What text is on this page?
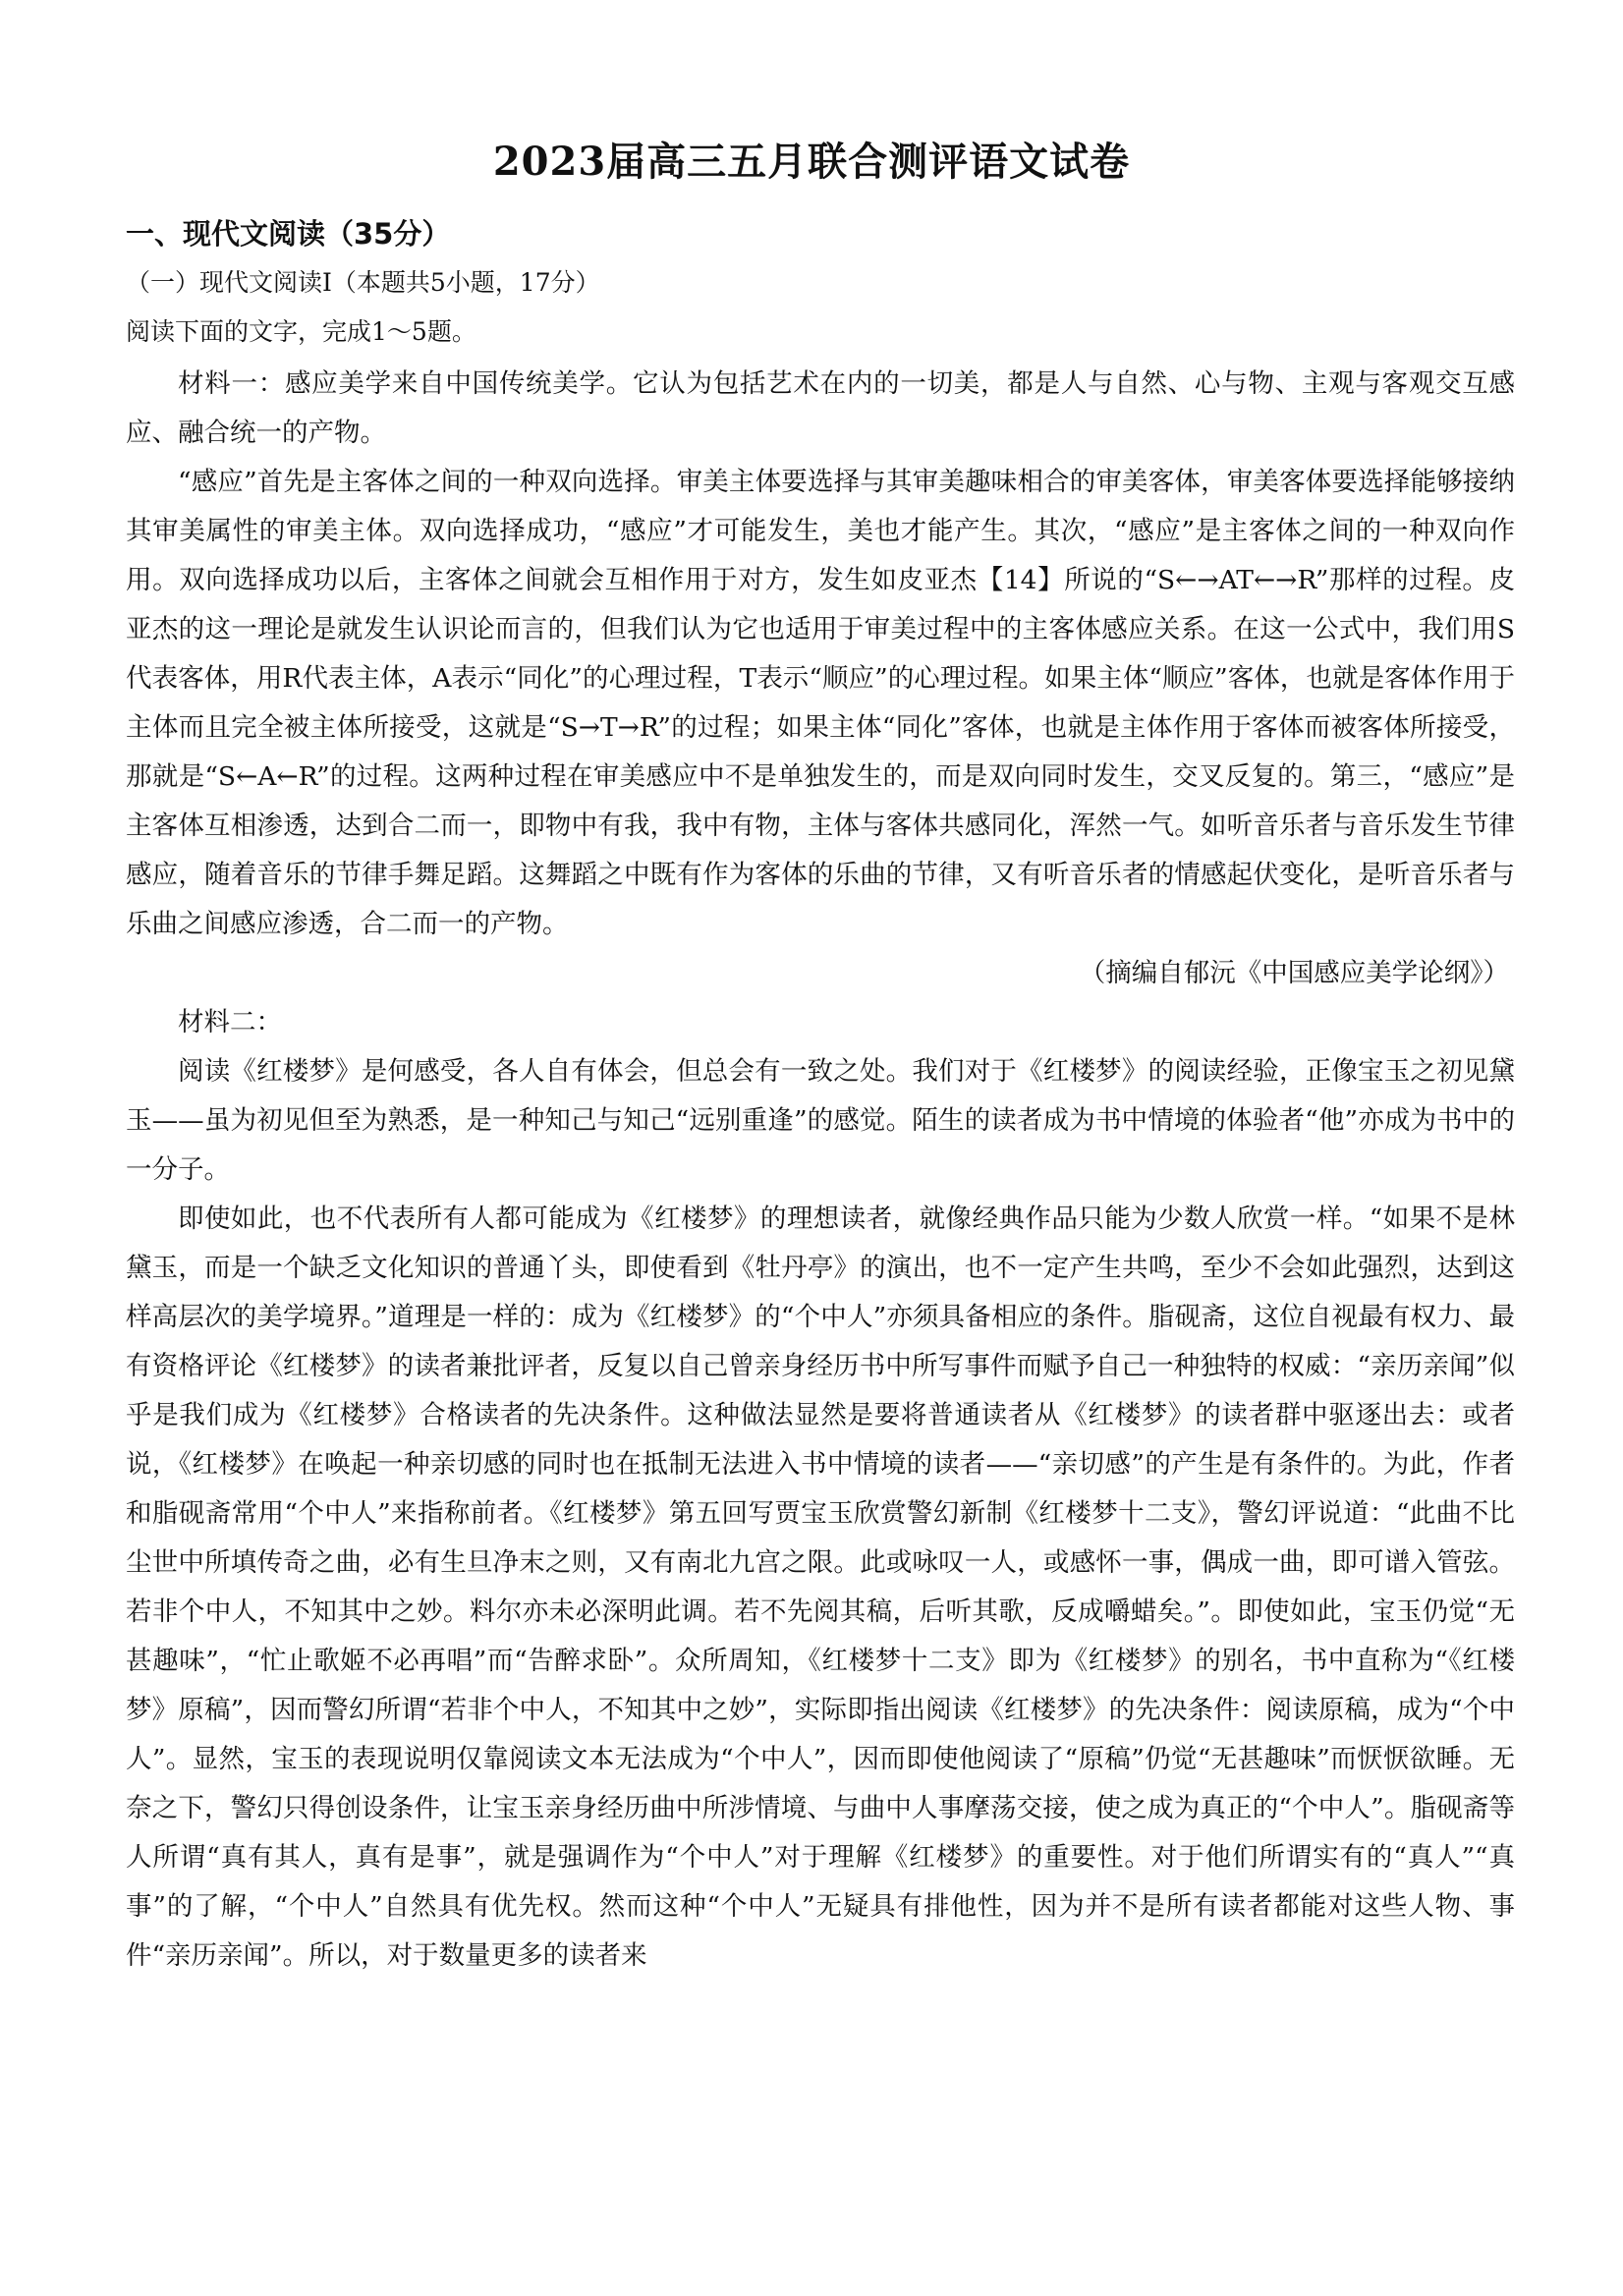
2023届高三五月联合测评语文试卷
一、现代文阅读（35分）
（一）现代文阅读Ⅰ（本题共5小题，17分）
阅读下面的文字，完成1～5题。

材料一：感应美学来自中国传统美学。它认为包括艺术在内的一切美，都是人与自然、心与物、主观与客观交互感应、融合统一的产物。

“感应”首先是主客体之间的一种双向选择。审美主体要选择与其审美趣味相合的审美客体，审美客体要选择能够接纳其审美属性的审美主体。双向选择成功，“感应”才可能发生，美也才能产生。其次，“感应”是主客体之间的一种双向作用。双向选择成功以后，主客体之间就会互相作用于对方，发生如皮亚杰【14】所说的“S←→AT←→R”那样的过程。皮亚杰的这一理论是就发生认识论而言的，但我们认为它也适用于审美过程中的主客体感应关系。在这一公式中，我们用S代表客体，用R代表主体，A表示“同化”的心理过程，T表示“顺应”的心理过程。如果主体“顺应”客体，也就是客体作用于主体而且完全被主体所接受，这就是“S→T→R”的过程；如果主体“同化”客体，也就是主体作用于客体而被客体所接受，那就是“S←A←R”的过程。这两种过程在审美感应中不是单独发生的，而是双向同时发生，交叉反复的。第三，“感应”是主客体互相渗透，达到合二而一，即物中有我，我中有物，主体与客体共感同化，浑然一气。如听音乐者与音乐发生节律感应，随着音乐的节律手舞足蹈。这舞蹈之中既有作为客体的乐曲的节律，又有听音乐者的情感起伏变化，是听音乐者与乐曲之间感应渗透，合二而一的产物。

（摘编自郁沅《中国感应美学论纲》）

材料二：

阅读《红楼梦》是何感受，各人自有体会，但总会有一致之处。我们对于《红楼梦》的阅读经验，正像宝玉之初见黛玉——虽为初见但至为熟悉，是一种知己与知己“远别重逢”的感觉。陌生的读者成为书中情境的体验者“他”亦成为书中的一分子。

即使如此，也不代表所有人都可能成为《红楼梦》的理想读者，就像经典作品只能为少数人欣赏一样。“如果不是林黛玉，而是一个缺乏文化知识的普通丫头，即使看到《牡丹亭》的演出，也不一定产生共鸣，至少不会如此强烈，达到这样高层次的美学境界。”道理是一样的：成为《红楼梦》的“个中人”亦须具备相应的条件。脂砚斋，这位自视最有权力、最有资格评论《红楼梦》的读者兼批评者，反复以自己曾亲身经历书中所写事件而赋予自己一种独特的权威：“亲历亲闻”似乎是我们成为《红楼梦》合格读者的先决条件。这种做法显然是要将普通读者从《红楼梦》的读者群中驱逐出去：或者说，《红楼梦》在唤起一种亲切感的同时也在抵制无法进入书中情境的读者——“亲切感”的产生是有条件的。为此，作者和脂砚斋常用“个中人”来指称前者。《红楼梦》第五回写贾宝玉欣赏警幻新制《红楼梦十二支》，警幻评说道：“此曲不比尘世中所填传奇之曲，必有生旦净末之则，又有南北九宫之限。此或咏叹一人，或感怀一事，偶成一曲，即可谱入管弦。若非个中人，不知其中之妙。料尔亦未必深明此调。若不先阅其稿，后听其歌，反成嚼蜡矣。”。即使如此，宝玉仍觉“无甚趣味”，“忙止歌姬不必再唱”而“告醉求卧”。众所周知，《红楼梦十二支》即为《红楼梦》的别名，书中直称为“《红楼梦》原稿”，因而警幻所谓“若非个中人，不知其中之妙”，实际即指出阅读《红楼梦》的先决条件：阅读原稿，成为“个中人”。显然，宝玉的表现说明仅靠阅读文本无法成为“个中人”，因而即使他阅读了“原稿”仍觉“无甚趣味”而恹恹欲睡。无奈之下，警幻只得创设条件，让宝玉亲身经历曲中所涉情境、与曲中人事摩荡交接，使之成为真正的“个中人”。脂砚斋等人所谓“真有其人，真有是事”，就是强调作为“个中人”对于理解《红楼梦》的重要性。对于他们所谓实有的“真人”“真事”的了解，“个中人”自然具有优先权。然而这种“个中人”无疑具有排他性，因为并不是所有读者都能对这些人物、事件“亲历亲闻”。所以，对于数量更多的读者来
